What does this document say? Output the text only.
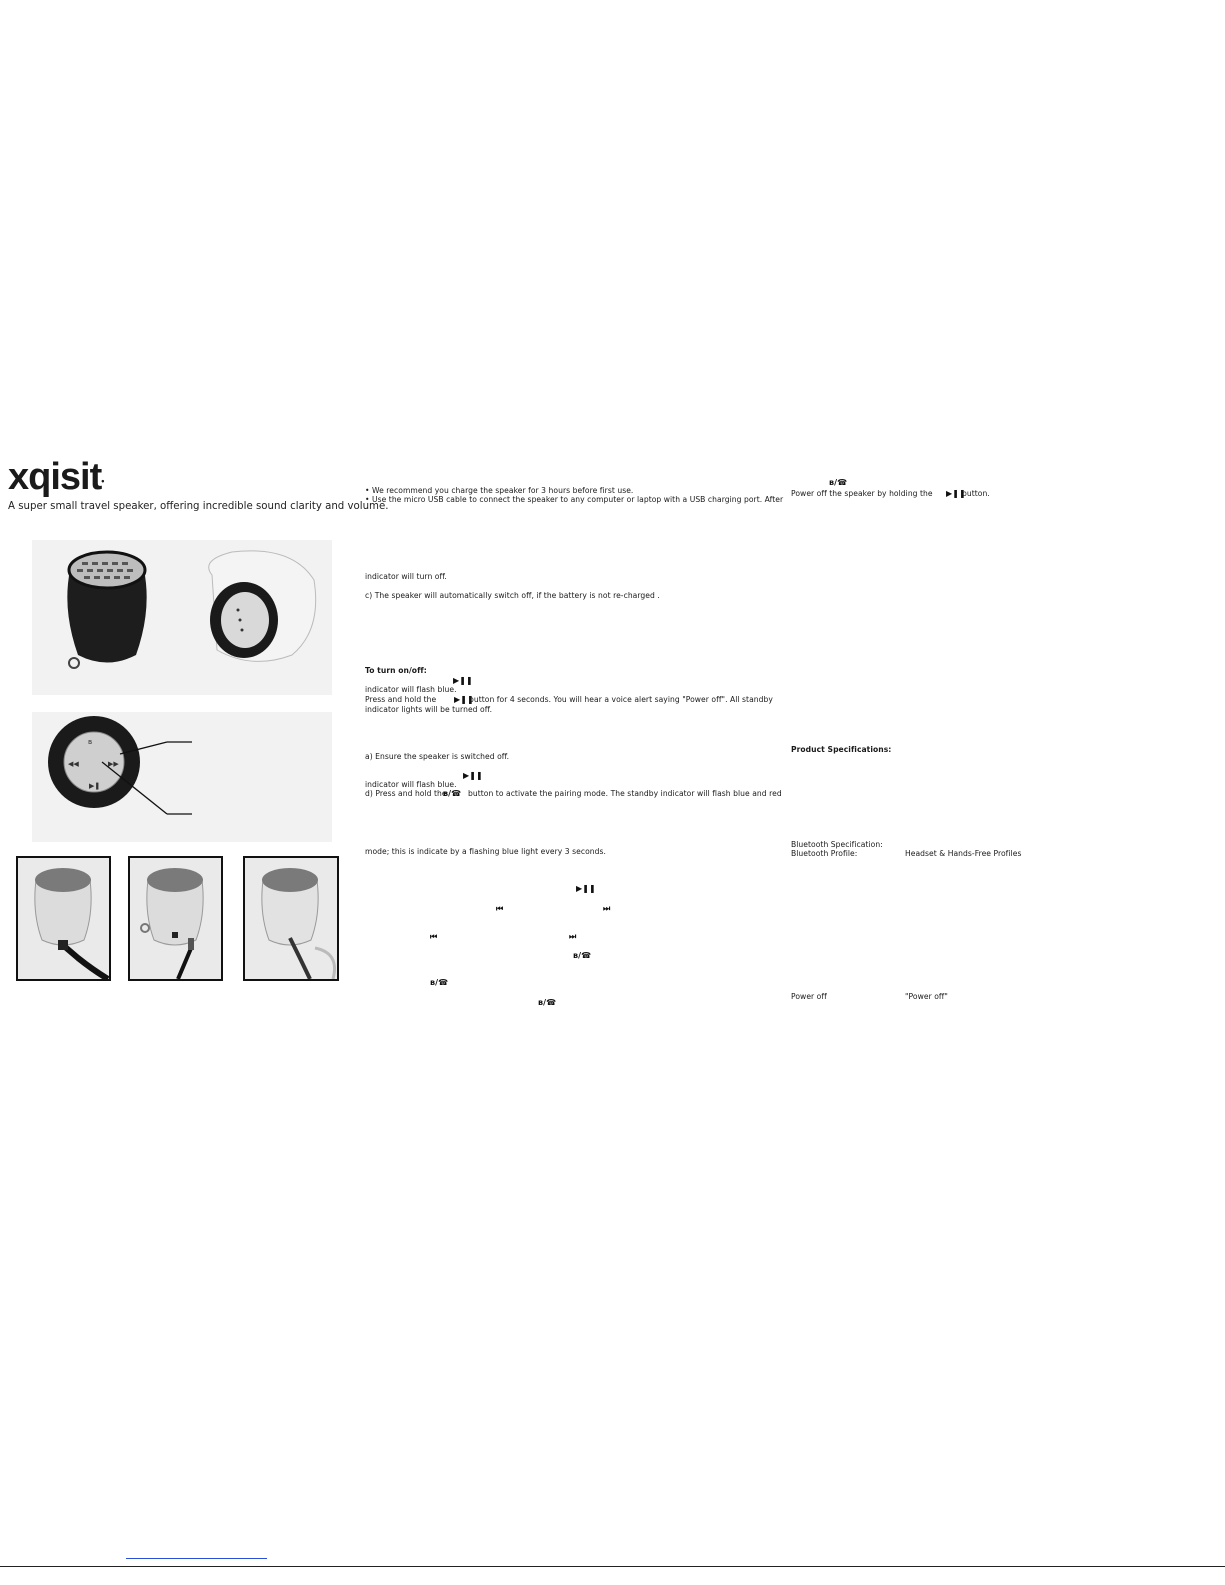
xqisit•
A super small travel speaker, offering incredible sound clarity and volume.
ʙ
◀◀	▶▶
▶❚
• We recommend you charge the speaker for 3 hours before first use.
• Use the micro USB cable to connect the speaker to any computer or laptop with a USB charging port. After
indicator will turn off.
c) The speaker will automatically switch off, if the battery is not re-charged .
To turn on/off:
▶❚❚
indicator will flash blue.
Press and hold the ▶❚❚
button for 4 seconds. You will hear a voice alert saying "Power off". All standby
indicator lights will be turned off.
a) Ensure the speaker is switched off.
▶❚❚
indicator will flash blue.
d) Press and hold the
ʙ/☎ button to activate the pairing mode. The standby indicator will flash blue and red
mode; this is indicate by a flashing blue light every 3 seconds.
▶❚❚
⏮	⏭
⏮	⏭
ʙ/☎
ʙ/☎
ʙ/☎
ʙ/☎
Power off the speaker by holding the ▶❚❚
button.
Product Specifications:
Bluetooth Specification:
Bluetooth Profile:	Headset & Hands-Free Profiles
Power off	"Power off"
